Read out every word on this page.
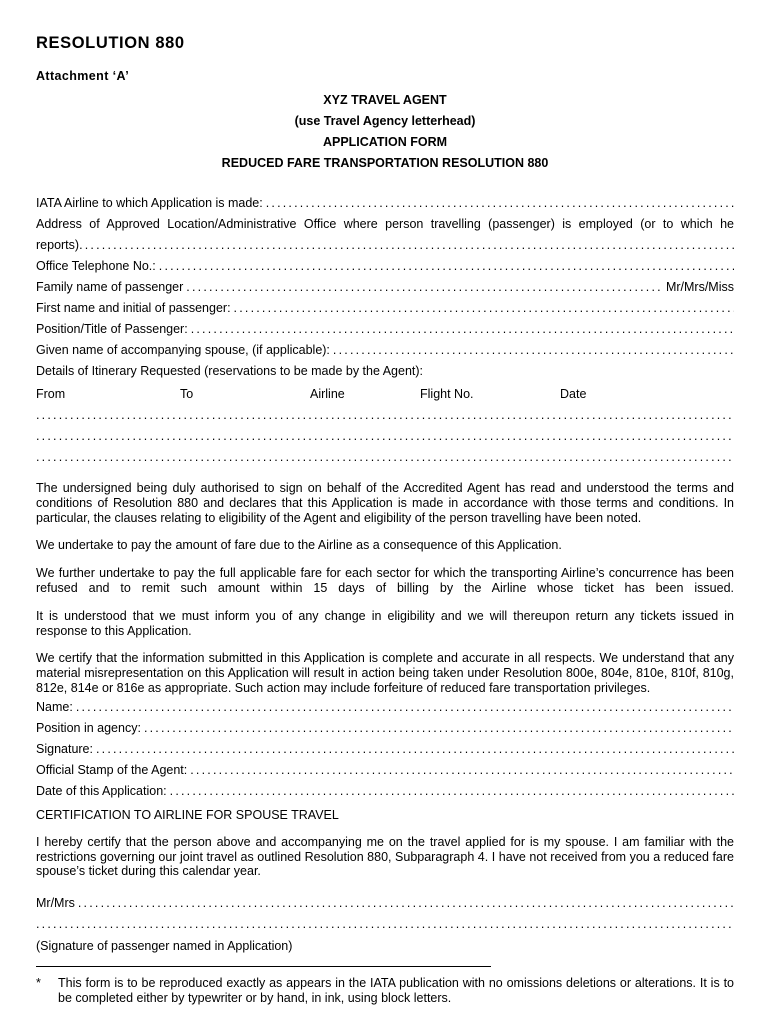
RESOLUTION 880
Attachment ‘A’
XYZ TRAVEL AGENT
(use Travel Agency letterhead)
APPLICATION FORM
REDUCED FARE TRANSPORTATION RESOLUTION 880
IATA Airline to which Application is made:
.....
Address of Approved Location/Administrative Office where person travelling (passenger) is employed (or to which he reports) .....
Office Telephone No.:
.....
Family name of passenger .....	Mr/Mrs/Miss
First name and initial of passenger:
.....
Position/Title of Passenger:
.....
Given name of accompanying spouse, (if applicable):
.....
Details of Itinerary Requested (reservations to be made by the Agent):
From	To	Airline	Flight No.	Date
.....
.....
.....

The undersigned being duly authorised to sign on behalf of the Accredited Agent has read and understood the terms and conditions of Resolution 880 and declares that this Application is made in accordance with those terms and conditions. In particular, the clauses relating to eligibility of the Agent and eligibility of the person travelling have been noted.

We undertake to pay the amount of fare due to the Airline as a consequence of this Application.

We further undertake to pay the full applicable fare for each sector for which the transporting Airline’s concurrence has been refused and to remit such amount within 15 days of billing by the Airline whose ticket has been issued.

It is understood that we must inform you of any change in eligibility and we will thereupon return any tickets issued in response to this Application.

We certify that the information submitted in this Application is complete and accurate in all respects. We understand that any material misrepresentation on this Application will result in action being taken under Resolution 800e, 804e, 810e, 810f, 810g, 812e, 814e or 816e as appropriate. Such action may include forfeiture of reduced fare transportation privileges.

Name:
.....
Position in agency:
.....
Signature:
.....
Official Stamp of the Agent:
.....
Date of this Application:
.....
CERTIFICATION TO AIRLINE FOR SPOUSE TRAVEL

I hereby certify that the person above and accompanying me on the travel applied for is my spouse. I am familiar with the restrictions governing our joint travel as outlined Resolution 880, Subparagraph 4. I have not received from you a reduced fare spouse’s ticket during this calendar year.

Mr/Mrs
.....
.....
(Signature of passenger named in Application)
*	This form is to be reproduced exactly as appears in the IATA publication with no omissions deletions or alterations. It is to be completed either by typewriter or by hand, in ink, using block letters.
